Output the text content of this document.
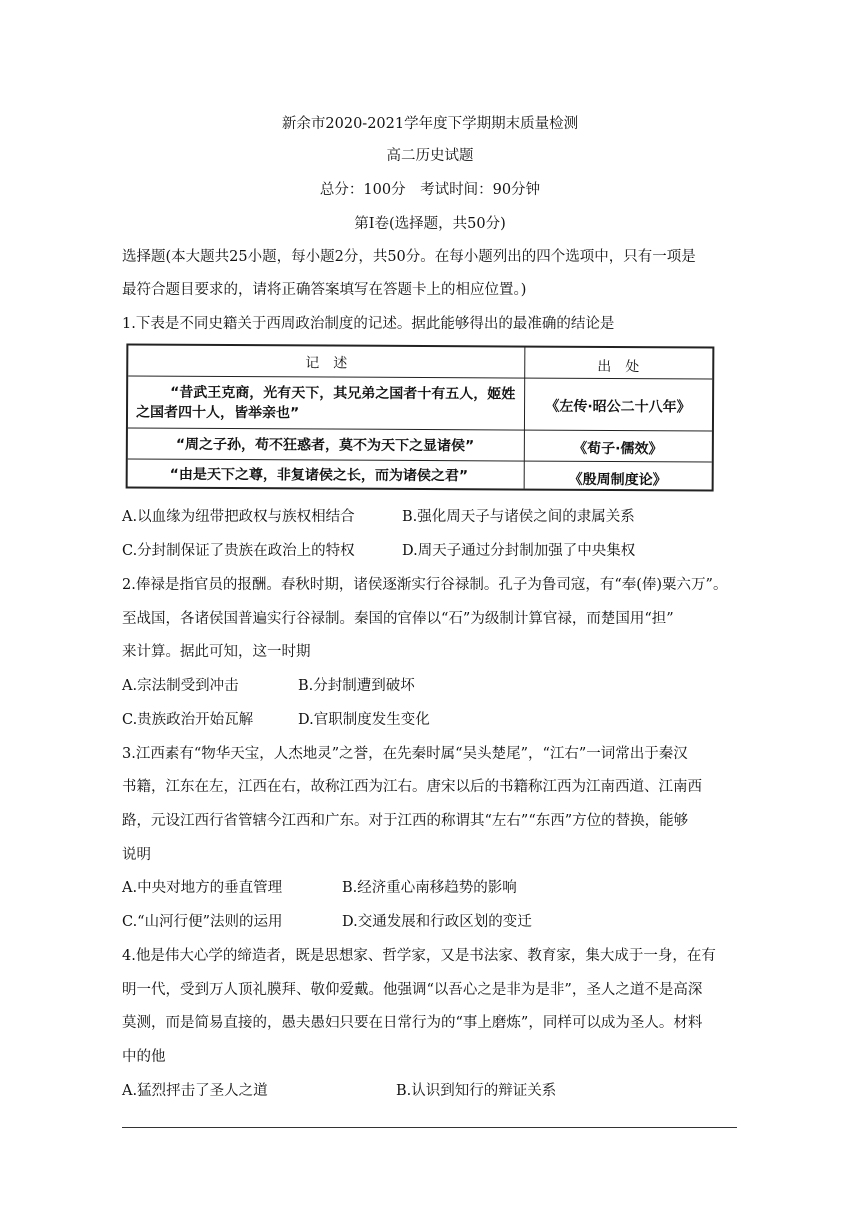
新余市2020-2021学年度下学期期末质量检测
高二历史试题
总分：100分　考试时间：90分钟
第I卷(选择题，共50分)
选择题(本大题共25小题，每小题2分，共50分。在每小题列出的四个选项中，只有一项是
最符合题目要求的，请将正确答案填写在答题卡上的相应位置。)
1.下表是不同史籍关于西周政治制度的记述。据此能够得出的最准确的结论是
记　述	出　处
“昔武王克商，光有天下，其兄弟之国者十有五人，姬姓
之国者四十人，皆举亲也”	《左传·昭公二十八年》
“周之子孙，苟不狂惑者，莫不为天下之显诸侯”	《荀子·儒效》
“由是天下之尊，非复诸侯之长，而为诸侯之君”	《殷周制度论》
A.以血缘为纽带把政权与族权相结合	B.强化周天子与诸侯之间的隶属关系
C.分封制保证了贵族在政治上的特权	D.周天子通过分封制加强了中央集权
2.俸禄是指官员的报酬。春秋时期，诸侯逐渐实行谷禄制。孔子为鲁司寇，有“奉(俸)粟六万”。
至战国，各诸侯国普遍实行谷禄制。秦国的官俸以“石”为级制计算官禄，而楚国用“担”
来计算。据此可知，这一时期
A.宗法制受到冲击	B.分封制遭到破坏
C.贵族政治开始瓦解	D.官职制度发生变化
3.江西素有“物华天宝，人杰地灵”之誉，在先秦时属“吴头楚尾”，“江右”一词常出于秦汉
书籍，江东在左，江西在右，故称江西为江右。唐宋以后的书籍称江西为江南西道、江南西
路，元设江西行省管辖今江西和广东。对于江西的称谓其“左右”“东西”方位的替换，能够
说明
A.中央对地方的垂直管理	B.经济重心南移趋势的影响
C.“山河行便”法则的运用	D.交通发展和行政区划的变迁
4.他是伟大心学的缔造者，既是思想家、哲学家，又是书法家、教育家，集大成于一身，在有
明一代，受到万人顶礼膜拜、敬仰爱戴。他强调“以吾心之是非为是非”，圣人之道不是高深
莫测，而是简易直接的，愚夫愚妇只要在日常行为的“事上磨炼”，同样可以成为圣人。材料
中的他
A.猛烈抨击了圣人之道	B.认识到知行的辩证关系
